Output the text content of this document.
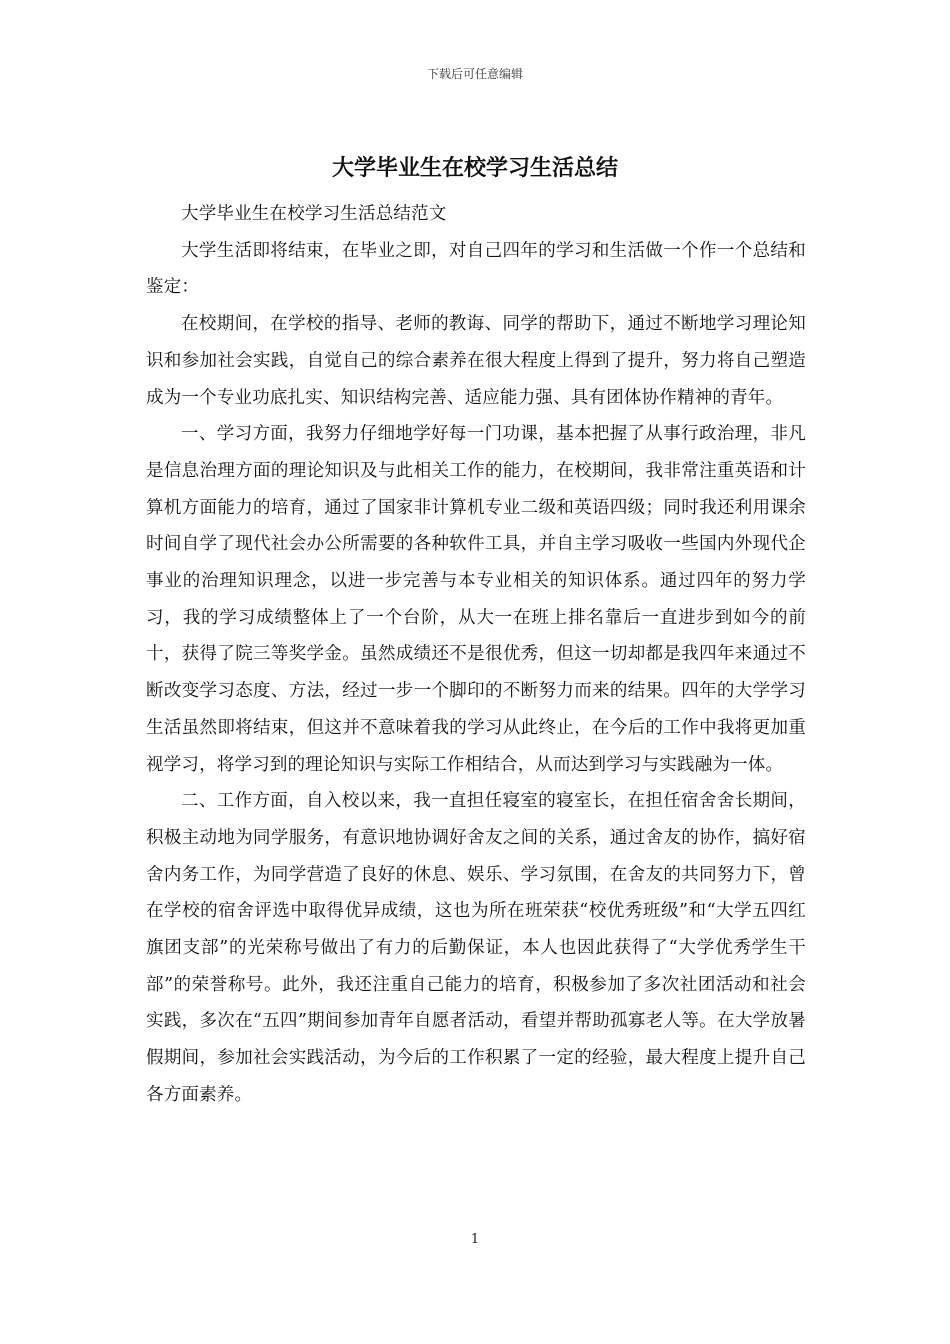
下载后可任意编辑
大学毕业生在校学习生活总结

大学毕业生在校学习生活总结范文

大学生活即将结束，在毕业之即，对自己四年的学习和生活做一个作一个总结和鉴定：

在校期间，在学校的指导、老师的教诲、同学的帮助下，通过不断地学习理论知识和参加社会实践，自觉自己的综合素养在很大程度上得到了提升，努力将自己塑造成为一个专业功底扎实、知识结构完善、适应能力强、具有团体协作精神的青年。

一、学习方面，我努力仔细地学好每一门功课，基本把握了从事行政治理，非凡是信息治理方面的理论知识及与此相关工作的能力，在校期间，我非常注重英语和计算机方面能力的培育，通过了国家非计算机专业二级和英语四级；同时我还利用课余时间自学了现代社会办公所需要的各种软件工具，并自主学习吸收一些国内外现代企事业的治理知识理念，以进一步完善与本专业相关的知识体系。通过四年的努力学习，我的学习成绩整体上了一个台阶，从大一在班上排名靠后一直进步到如今的前十，获得了院三等奖学金。虽然成绩还不是很优秀，但这一切却都是我四年来通过不断改变学习态度、方法，经过一步一个脚印的不断努力而来的结果。四年的大学学习生活虽然即将结束，但这并不意味着我的学习从此终止，在今后的工作中我将更加重视学习，将学习到的理论知识与实际工作相结合，从而达到学习与实践融为一体。

二、工作方面，自入校以来，我一直担任寝室的寝室长，在担任宿舍舍长期间，积极主动地为同学服务，有意识地协调好舍友之间的关系，通过舍友的协作，搞好宿舍内务工作，为同学营造了良好的休息、娱乐、学习氛围，在舍友的共同努力下，曾在学校的宿舍评选中取得优异成绩，这也为所在班荣获“校优秀班级”和“大学五四红旗团支部”的光荣称号做出了有力的后勤保证，本人也因此获得了“大学优秀学生干部”的荣誉称号。此外，我还注重自己能力的培育，积极参加了多次社团活动和社会实践，多次在“五四”期间参加青年自愿者活动，看望并帮助孤寡老人等。在大学放暑假期间，参加社会实践活动，为今后的工作积累了一定的经验，最大程度上提升自己各方面素养。

1
